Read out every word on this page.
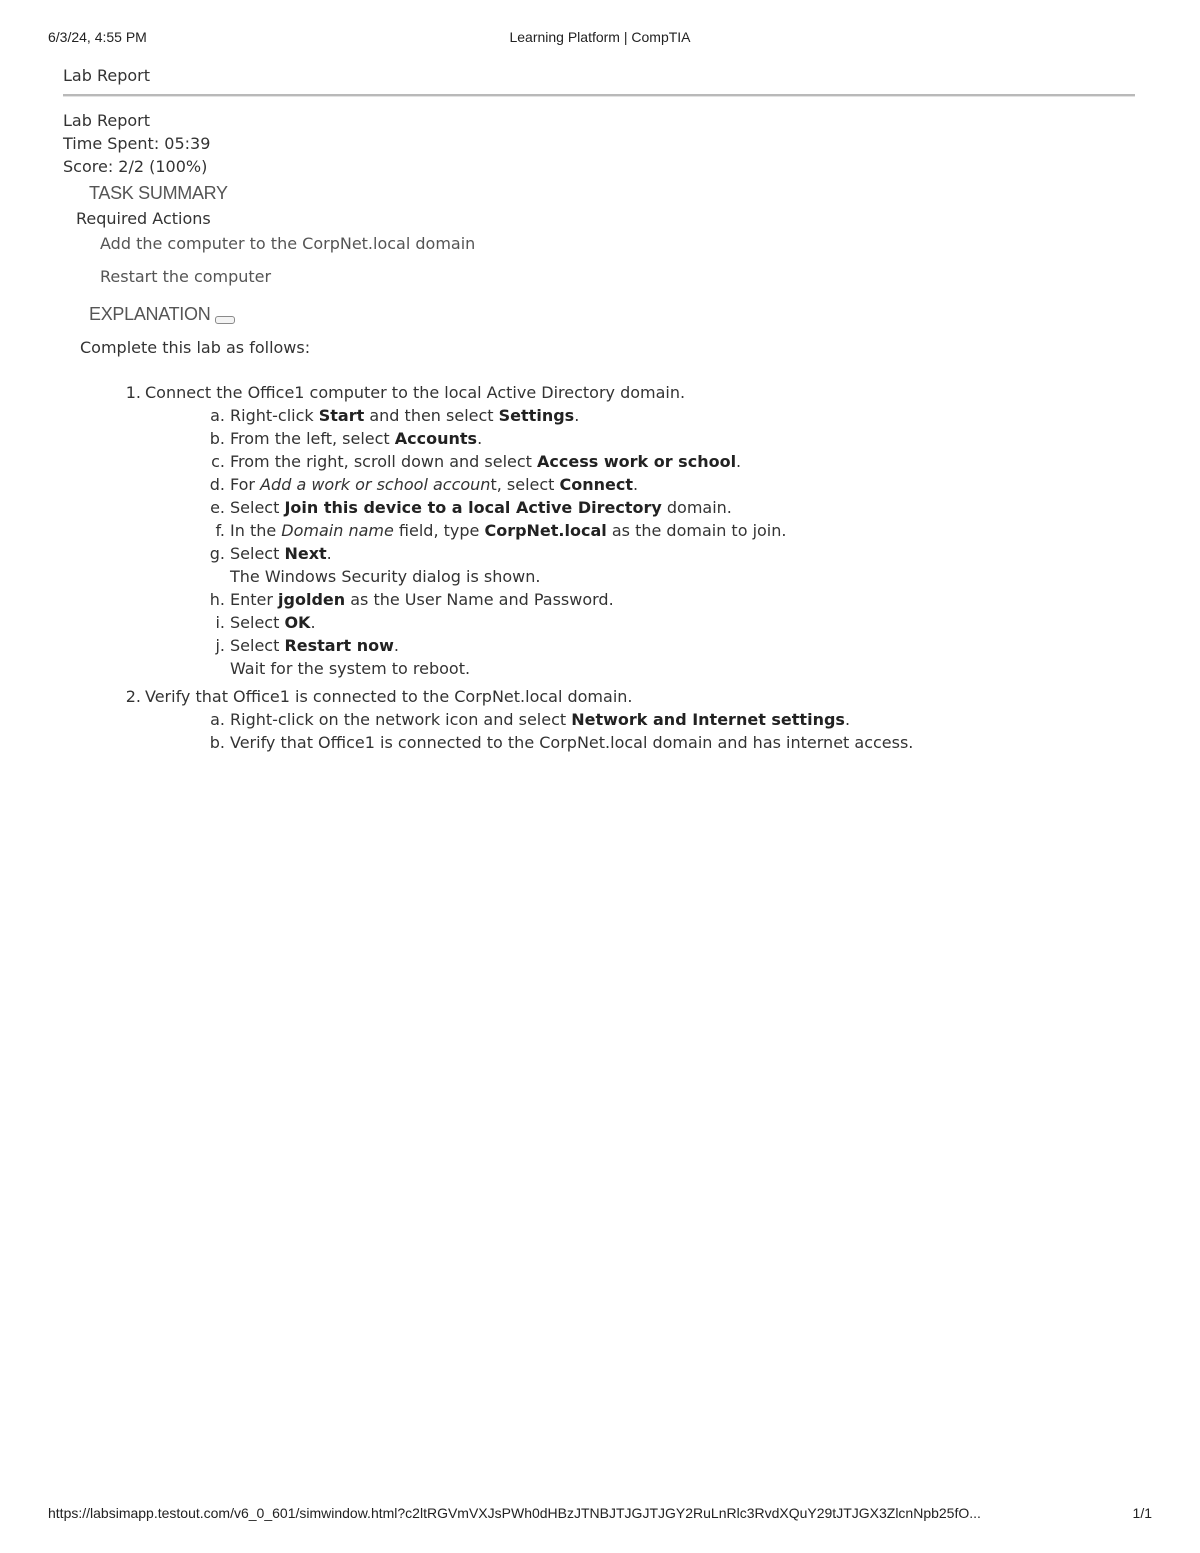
6/3/24, 4:55 PM	Learning Platform | CompTIA
Lab Report
Lab Report
Time Spent: 05:39
Score: 2/2 (100%)
TASK SUMMARY
Required Actions
Add the computer to the CorpNet.local domain
Restart the computer
EXPLANATION
Complete this lab as follows:
1. Connect the Office1 computer to the local Active Directory domain.
a. Right-click Start and then select Settings.
b. From the left, select Accounts.
c. From the right, scroll down and select Access work or school.
d. For Add a work or school account, select Connect.
e. Select Join this device to a local Active Directory domain.
f. In the Domain name field, type CorpNet.local as the domain to join.
g. Select Next.
The Windows Security dialog is shown.
h. Enter jgolden as the User Name and Password.
i. Select OK.
j. Select Restart now.
Wait for the system to reboot.
2. Verify that Office1 is connected to the CorpNet.local domain.
a. Right-click on the network icon and select Network and Internet settings.
b. Verify that Office1 is connected to the CorpNet.local domain and has internet access.
https://labsimapp.testout.com/v6_0_601/simwindow.html?c2ltRGVmVXJsPWh0dHBzJTNBJTJGJTJGY2RuLnRlc3RvdXQuY29tJTJGX3ZlcnNpb25fO...	1/1
